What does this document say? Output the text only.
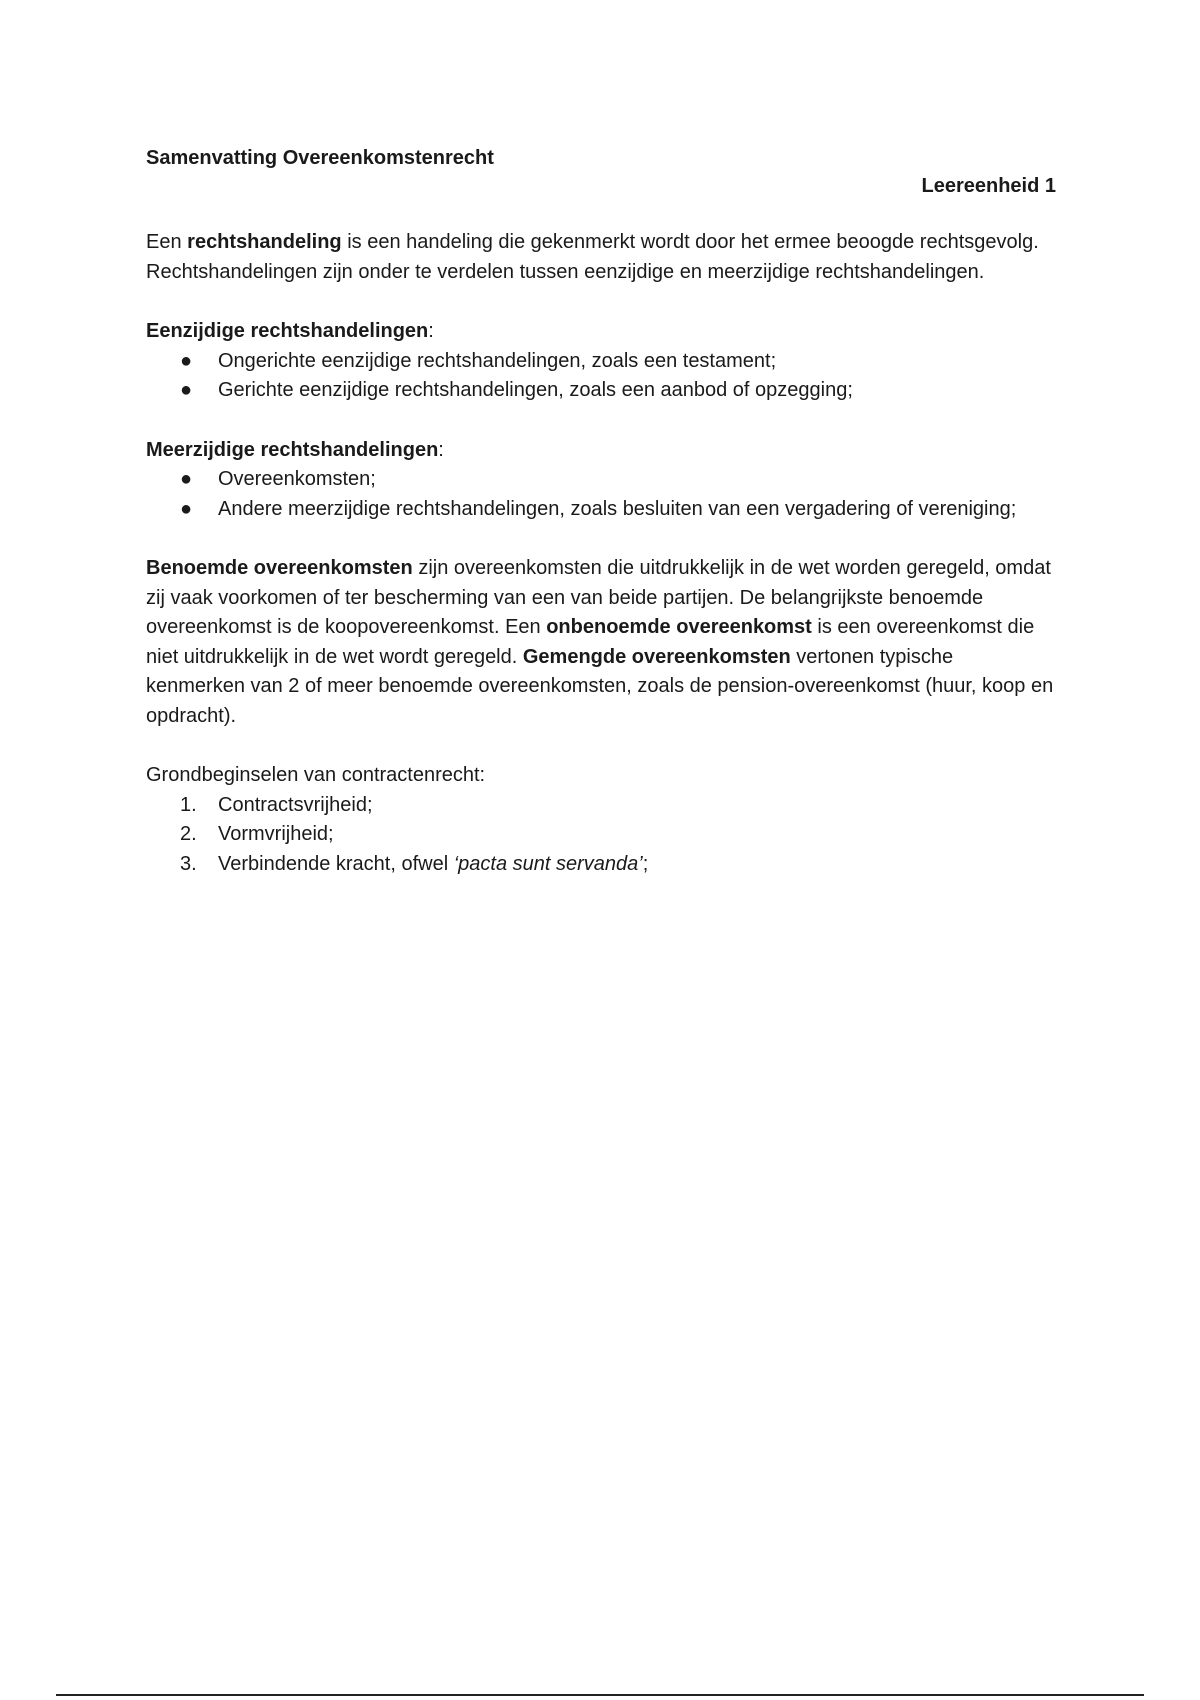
Samenvatting Overeenkomstenrecht

Leereenheid 1

Een rechtshandeling is een handeling die gekenmerkt wordt door het ermee beoogde rechtsgevolg. Rechtshandelingen zijn onder te verdelen tussen eenzijdige en meerzijdige rechtshandelingen.

Eenzijdige rechtshandelingen:

● Ongerichte eenzijdige rechtshandelingen, zoals een testament;
● Gerichte eenzijdige rechtshandelingen, zoals een aanbod of opzegging;

Meerzijdige rechtshandelingen:

● Overeenkomsten;
● Andere meerzijdige rechtshandelingen, zoals besluiten van een vergadering of vereniging;

Benoemde overeenkomsten zijn overeenkomsten die uitdrukkelijk in de wet worden geregeld, omdat zij vaak voorkomen of ter bescherming van een van beide partijen. De belangrijkste benoemde overeenkomst is de koopovereenkomst. Een onbenoemde overeenkomst is een overeenkomst die niet uitdrukkelijk in de wet wordt geregeld. Gemengde overeenkomsten vertonen typische kenmerken van 2 of meer benoemde overeenkomsten, zoals de pension-overeenkomst (huur, koop en opdracht).

Grondbeginselen van contractenrecht:

1.	Contractsvrijheid;
2.	Vormvrijheid;
3.	Verbindende kracht, ofwel ‘pacta sunt servanda’;
